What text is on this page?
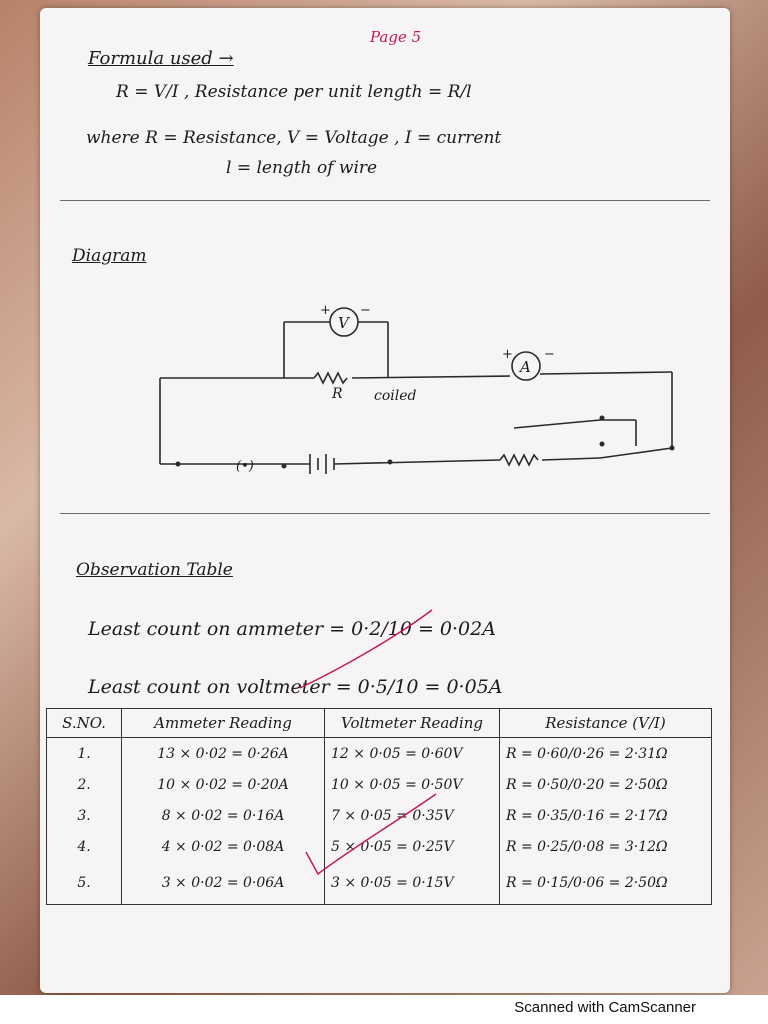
Page 5
Formula used →
R = V/I , Resistance per unit length = R/l
where R = Resistance, V = Voltage , I = current
l = length of wire
Diagram
V
A
+ −
+ −
R coiled
(•)
Observation Table
Least count on ammeter = 0·2/10 = 0·02A
Least count on voltmeter = 0·5/10 = 0·05A
S.NO.	Ammeter Reading	Voltmeter Reading	Resistance (V/I)
1.	13 × 0·02 = 0·26A	12 × 0·05 = 0·60V	R = 0·60/0·26 = 2·31Ω
2.	10 × 0·02 = 0·20A	10 × 0·05 = 0·50V	R = 0·50/0·20 = 2·50Ω
3.	8 × 0·02 = 0·16A	7 × 0·05 = 0·35V	R = 0·35/0·16 = 2·17Ω
4.	4 × 0·02 = 0·08A	5 × 0·05 = 0·25V	R = 0·25/0·08 = 3·12Ω
5.	3 × 0·02 = 0·06A	3 × 0·05 = 0·15V	R = 0·15/0·06 = 2·50Ω
Scanned with CamScanner
